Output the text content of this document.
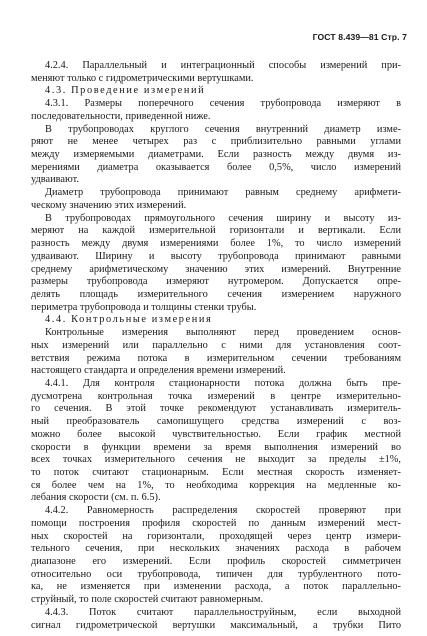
ГОСТ 8.439—81 Стр. 7
4.2.4. Параллельный и интеграционный способы измерений при-
меняют только с гидрометрическими вертушками.
4.3. Проведение измерений
4.3.1. Размеры поперечного сечения трубопровода измеряют в
последовательности, приведенной ниже.
В трубопроводах круглого сечения внутренний диаметр изме-
ряют не менее четырех раз с приблизительно равными углами
между измеряемыми диаметрами. Если разность между двумя из-
мерениями диаметра оказывается более 0,5%, число измерений
удваивают.
Диаметр трубопровода принимают равным среднему арифмети-
ческому значению этих измерений.
В трубопроводах прямоугольного сечения ширину и высоту из-
меряют на каждой измерительной горизонтали и вертикали. Если
разность между двумя измерениями более 1%, то число измерений
удваивают. Ширину и высоту трубопровода принимают равными
среднему арифметическому значению этих измерений. Внутренние
размеры трубопровода измеряют нутромером. Допускается опре-
делять площадь измерительного сечения измерением наружного
периметра трубопровода и толщины стенки трубы.
4.4. Контрольные измерения
Контрольные измерения выполняют перед проведением основ-
ных измерений или параллельно с ними для установления соот-
ветствия режима потока в измерительном сечении требованиям
настоящего стандарта и определения времени измерений.
4.4.1. Для контроля стационарности потока должна быть пре-
дусмотрена контрольная точка измерений в центре измерительно-
го сечения. В этой точке рекомендуют устанавливать измеритель-
ный преобразователь самопишущего средства измерений с воз-
можно более высокой чувствительностью. Если график местной
скорости в функции времени за время выполнения измерений во
всех точках измерительного сечения не выходит за пределы ±1%,
то поток считают стационарным. Если местная скорость изменяет-
ся более чем на 1%, то необходима коррекция на медленные ко-
лебания скорости (см. п. 6.5).
4.4.2. Равномерность распределения скоростей проверяют при
помощи построения профиля скоростей по данным измерений мест-
ных скоростей на горизонтали, проходящей через центр измери-
тельного сечения, при нескольких значениях расхода в рабочем
диапазоне его измерений. Если профиль скоростей симметричен
относительно оси трубопровода, типичен для турбулентного пото-
ка, не изменяется при изменении расхода, а поток параллельно-
струйный, то поле скоростей считают равномерным.
4.4.3. Поток считают параллельноструйным, если выходной
сигнал гидрометрической вертушки максимальный, а трубки Пито
